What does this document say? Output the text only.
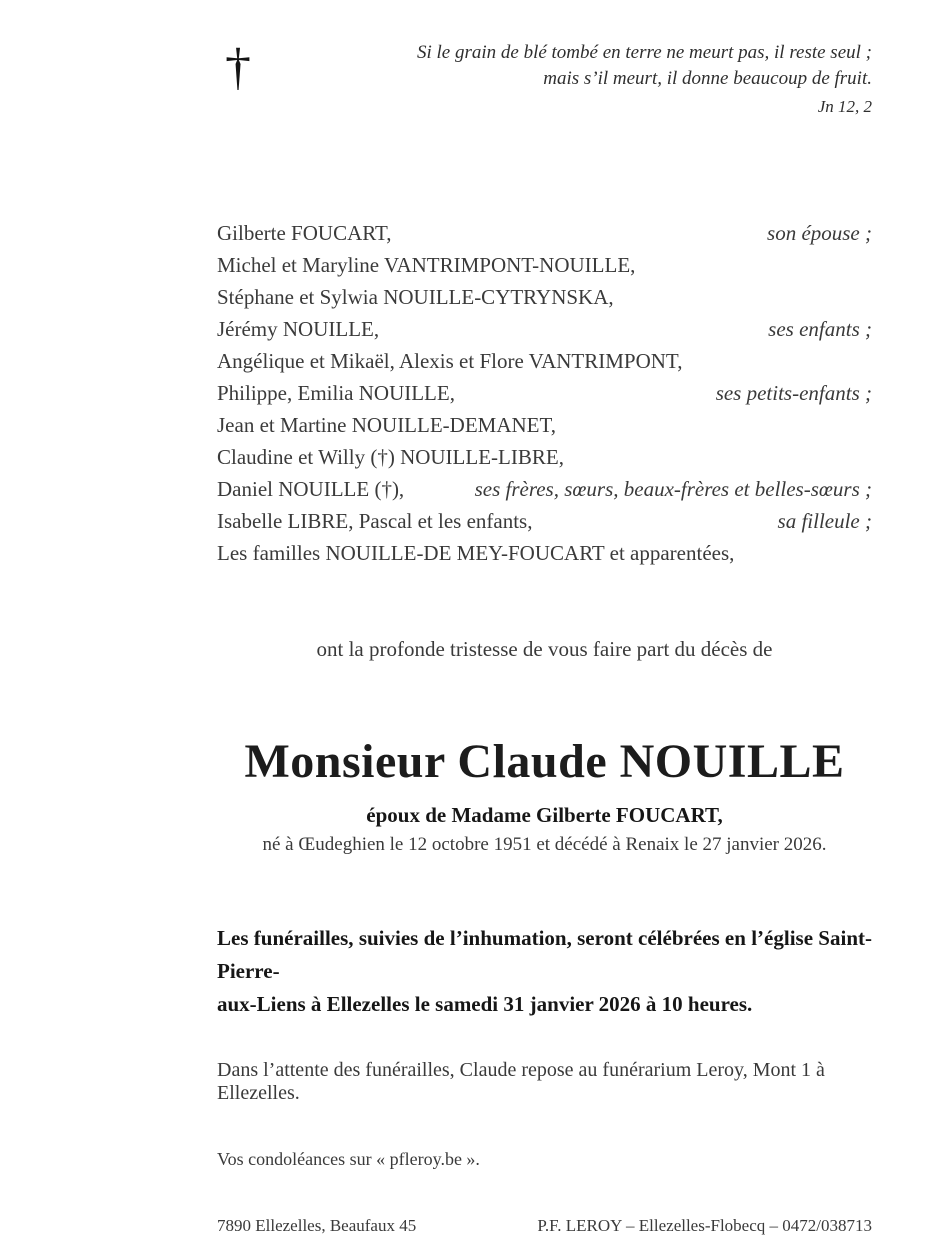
†	Si le grain de blé tombé en terre ne meurt pas, il reste seul ;
mais s’il meurt, il donne beaucoup de fruit.
Jn 12, 2
Gilberte FOUCART,	son épouse ;
Michel et Maryline VANTRIMPONT-NOUILLE,
Stéphane et Sylwia NOUILLE-CYTRYNSKA,
Jérémy NOUILLE,	ses enfants ;
Angélique et Mikaël, Alexis et Flore VANTRIMPONT,
Philippe, Emilia NOUILLE,	ses petits-enfants ;
Jean et Martine NOUILLE-DEMANET,
Claudine et Willy (†) NOUILLE-LIBRE,
Daniel NOUILLE (†),	ses frères, sœurs, beaux-frères et belles-sœurs ;
Isabelle LIBRE, Pascal et les enfants,	sa filleule ;
Les familles NOUILLE-DE MEY-FOUCART et apparentées,
ont la profonde tristesse de vous faire part du décès de
Monsieur Claude NOUILLE
époux de Madame Gilberte FOUCART,
né à Œudeghien le 12 octobre 1951 et décédé à Renaix le 27 janvier 2026.
Les funérailles, suivies de l’inhumation, seront célébrées en l’église Saint-Pierre-
aux-Liens à Ellezelles le samedi 31 janvier 2026 à 10 heures.
Dans l’attente des funérailles, Claude repose au funérarium Leroy, Mont 1 à Ellezelles.
Vos condoléances sur « pfleroy.be ».
7890 Ellezelles, Beaufaux 45	P.F. LEROY – Ellezelles-Flobecq – 0472/038713
